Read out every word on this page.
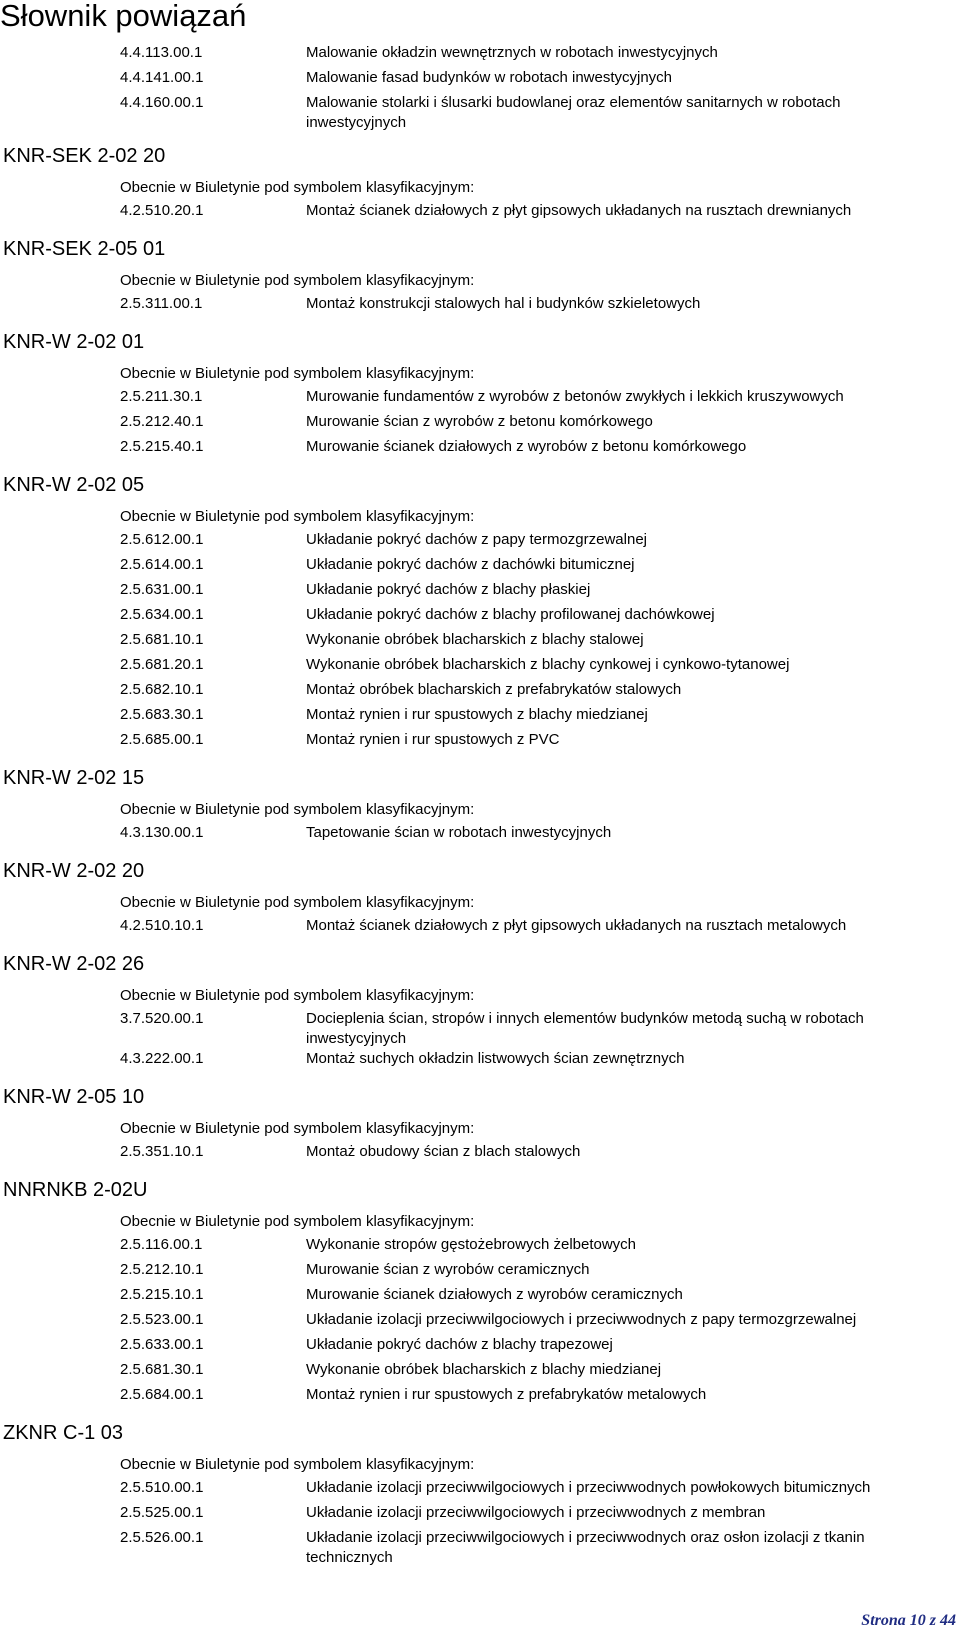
Słownik powiązań
4.4.113.00.1	Malowanie okładzin wewnętrznych w robotach inwestycyjnych
4.4.141.00.1	Malowanie fasad budynków w robotach inwestycyjnych
4.4.160.00.1	Malowanie stolarki i ślusarki budowlanej oraz elementów sanitarnych w robotach inwestycyjnych
KNR-SEK 2-02 20
Obecnie w Biuletynie pod symbolem klasyfikacyjnym:
4.2.510.20.1	Montaż ścianek działowych z płyt gipsowych układanych na rusztach drewnianych
KNR-SEK 2-05 01
Obecnie w Biuletynie pod symbolem klasyfikacyjnym:
2.5.311.00.1	Montaż konstrukcji stalowych hal i budynków szkieletowych
KNR-W 2-02 01
Obecnie w Biuletynie pod symbolem klasyfikacyjnym:
2.5.211.30.1	Murowanie fundamentów z wyrobów z betonów zwykłych i lekkich kruszywowych
2.5.212.40.1	Murowanie ścian z wyrobów z betonu komórkowego
2.5.215.40.1	Murowanie ścianek działowych z wyrobów z betonu komórkowego
KNR-W 2-02 05
Obecnie w Biuletynie pod symbolem klasyfikacyjnym:
2.5.612.00.1	Układanie pokryć dachów z papy termozgrzewalnej
2.5.614.00.1	Układanie pokryć dachów z dachówki bitumicznej
2.5.631.00.1	Układanie pokryć dachów z blachy płaskiej
2.5.634.00.1	Układanie pokryć dachów z blachy profilowanej dachówkowej
2.5.681.10.1	Wykonanie obróbek blacharskich z blachy stalowej
2.5.681.20.1	Wykonanie obróbek blacharskich z blachy cynkowej i cynkowo-tytanowej
2.5.682.10.1	Montaż obróbek blacharskich z prefabrykatów stalowych
2.5.683.30.1	Montaż rynien i rur spustowych z blachy miedzianej
2.5.685.00.1	Montaż rynien i rur spustowych z PVC
KNR-W 2-02 15
Obecnie w Biuletynie pod symbolem klasyfikacyjnym:
4.3.130.00.1	Tapetowanie ścian w robotach inwestycyjnych
KNR-W 2-02 20
Obecnie w Biuletynie pod symbolem klasyfikacyjnym:
4.2.510.10.1	Montaż ścianek działowych z płyt gipsowych układanych na rusztach metalowych
KNR-W 2-02 26
Obecnie w Biuletynie pod symbolem klasyfikacyjnym:
3.7.520.00.1	Docieplenia ścian, stropów i innych elementów budynków metodą suchą w robotach inwestycyjnych
4.3.222.00.1	Montaż suchych okładzin listwowych ścian zewnętrznych
KNR-W 2-05 10
Obecnie w Biuletynie pod symbolem klasyfikacyjnym:
2.5.351.10.1	Montaż obudowy ścian z blach stalowych
NNRNKB 2-02U
Obecnie w Biuletynie pod symbolem klasyfikacyjnym:
2.5.116.00.1	Wykonanie stropów gęstożebrowych żelbetowych
2.5.212.10.1	Murowanie ścian z wyrobów ceramicznych
2.5.215.10.1	Murowanie ścianek działowych z wyrobów ceramicznych
2.5.523.00.1	Układanie izolacji przeciwwilgociowych i przeciwwodnych z papy termozgrzewalnej
2.5.633.00.1	Układanie pokryć dachów z blachy trapezowej
2.5.681.30.1	Wykonanie obróbek blacharskich z blachy miedzianej
2.5.684.00.1	Montaż rynien i rur spustowych z prefabrykatów metalowych
ZKNR C-1 03
Obecnie w Biuletynie pod symbolem klasyfikacyjnym:
2.5.510.00.1	Układanie izolacji przeciwwilgociowych i przeciwwodnych powłokowych bitumicznych
2.5.525.00.1	Układanie izolacji przeciwwilgociowych i przeciwwodnych z membran
2.5.526.00.1	Układanie izolacji przeciwwilgociowych i przeciwwodnych oraz osłon izolacji z tkanin technicznych
Strona 10 z 44
